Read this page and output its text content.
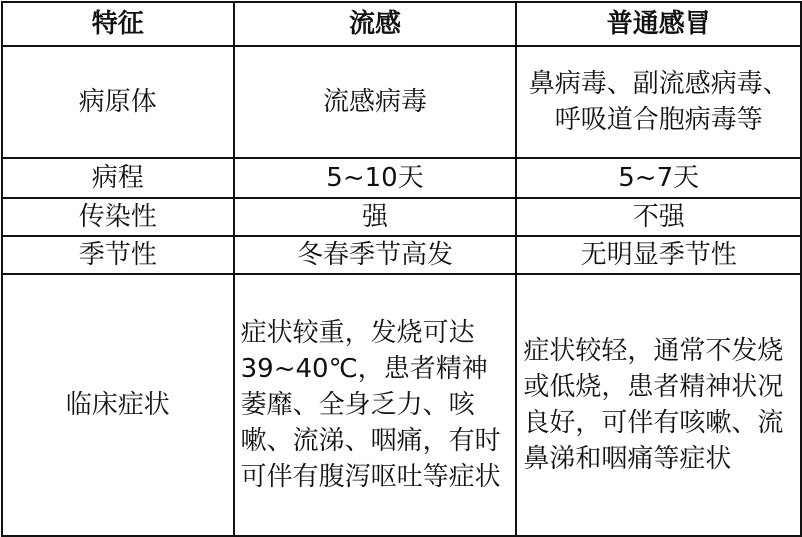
特征	流感	普通感冒
病原体	流感病毒	鼻病毒、副流感病毒、呼吸道合胞病毒等
病程	5~10天	5~7天
传染性	强	不强
季节性	冬春季节高发	无明显季节性
临床症状	症状较重，发烧可达39~40℃，患者精神萎靡、全身乏力、咳嗽、流涕、咽痛，有时可伴有腹泻呕吐等症状	症状较轻，通常不发烧或低烧，患者精神状况良好，可伴有咳嗽、流鼻涕和咽痛等症状
